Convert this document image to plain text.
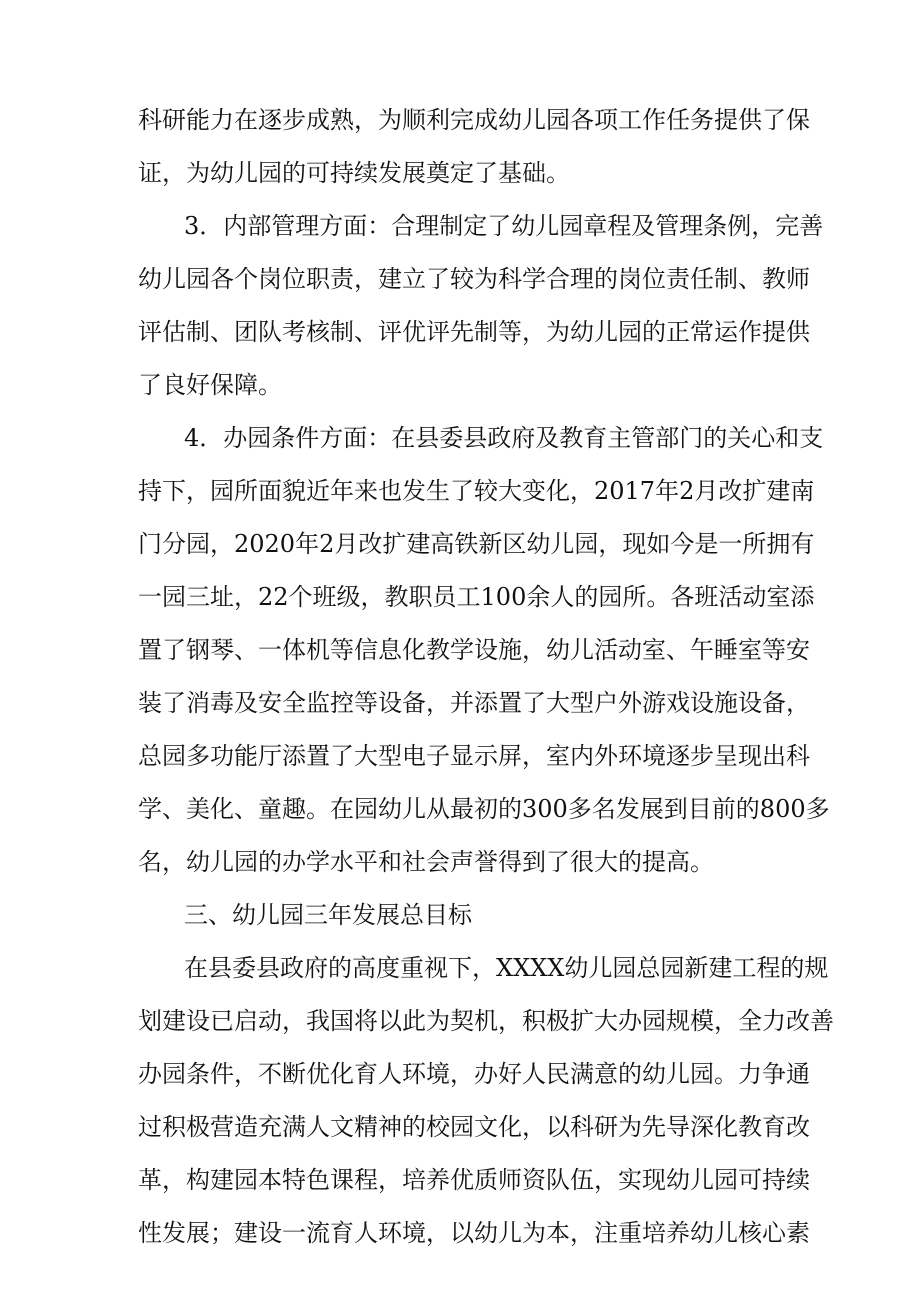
科研能力在逐步成熟，为顺利完成幼儿园各项工作任务提供了保
证，为幼儿园的可持续发展奠定了基础。
3．内部管理方面：合理制定了幼儿园章程及管理条例，完善
幼儿园各个岗位职责，建立了较为科学合理的岗位责任制、教师
评估制、团队考核制、评优评先制等，为幼儿园的正常运作提供
了良好保障。
4．办园条件方面：在县委县政府及教育主管部门的关心和支
持下，园所面貌近年来也发生了较大变化，2017年2月改扩建南
门分园，2020年2月改扩建高铁新区幼儿园，现如今是一所拥有
一园三址，22个班级，教职员工100余人的园所。各班活动室添
置了钢琴、一体机等信息化教学设施，幼儿活动室、午睡室等安
装了消毒及安全监控等设备，并添置了大型户外游戏设施设备，
总园多功能厅添置了大型电子显示屏，室内外环境逐步呈现出科
学、美化、童趣。在园幼儿从最初的300多名发展到目前的800多
名，幼儿园的办学水平和社会声誉得到了很大的提高。
三、幼儿园三年发展总目标
在县委县政府的高度重视下，XXXX幼儿园总园新建工程的规
划建设已启动，我国将以此为契机，积极扩大办园规模，全力改善
办园条件，不断优化育人环境，办好人民满意的幼儿园。力争通
过积极营造充满人文精神的校园文化，以科研为先导深化教育改
革，构建园本特色课程，培养优质师资队伍，实现幼儿园可持续
性发展；建设一流育人环境，以幼儿为本，注重培养幼儿核心素
